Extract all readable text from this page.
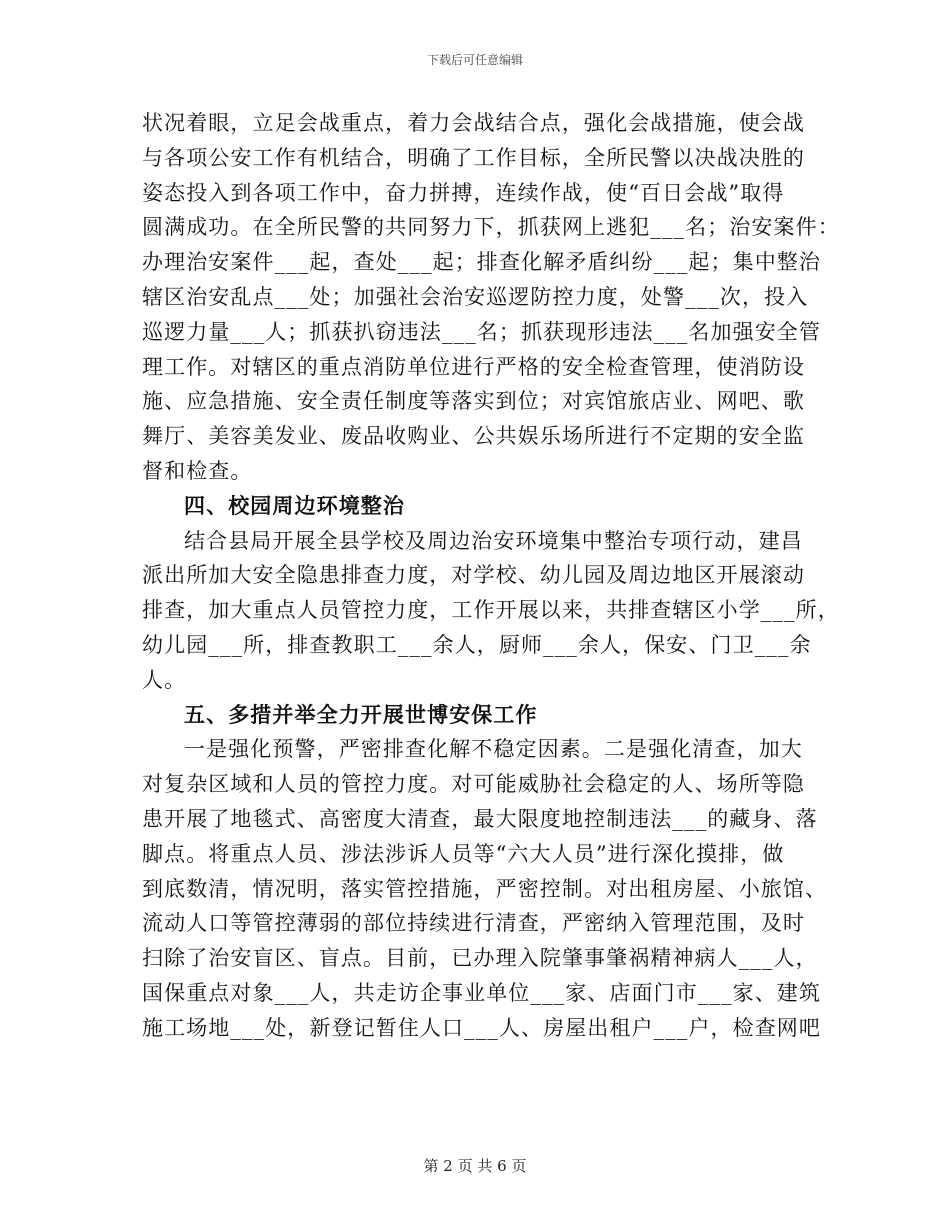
下载后可任意编辑
状况着眼，立足会战重点，着力会战结合点，强化会战措施，使会战
与各项公安工作有机结合，明确了工作目标，全所民警以决战决胜的
姿态投入到各项工作中，奋力拼搏，连续作战，使“百日会战”取得
圆满成功。在全所民警的共同努力下，抓获网上逃犯___名；治安案件：
办理治安案件___起，查处___起；排查化解矛盾纠纷___起；集中整治
辖区治安乱点___处；加强社会治安巡逻防控力度，处警___次，投入
巡逻力量___人；抓获扒窃违法___名；抓获现形违法___名加强安全管
理工作。对辖区的重点消防单位进行严格的安全检查管理，使消防设
施、应急措施、安全责任制度等落实到位；对宾馆旅店业、网吧、歌
舞厅、美容美发业、废品收购业、公共娱乐场所进行不定期的安全监
督和检查。
四、校园周边环境整治
结合县局开展全县学校及周边治安环境集中整治专项行动，建昌
派出所加大安全隐患排查力度，对学校、幼儿园及周边地区开展滚动
排查，加大重点人员管控力度，工作开展以来，共排查辖区小学___所，
幼儿园___所，排查教职工___余人，厨师___余人，保安、门卫___余
人。
五、多措并举全力开展世博安保工作
一是强化预警，严密排查化解不稳定因素。二是强化清查，加大
对复杂区域和人员的管控力度。对可能威胁社会稳定的人、场所等隐
患开展了地毯式、高密度大清查，最大限度地控制违法___的藏身、落
脚点。将重点人员、涉法涉诉人员等“六大人员”进行深化摸排，做
到底数清，情况明，落实管控措施，严密控制。对出租房屋、小旅馆、
流动人口等管控薄弱的部位持续进行清查，严密纳入管理范围，及时
扫除了治安盲区、盲点。目前，已办理入院肇事肇祸精神病人___人，
国保重点对象___人，共走访企事业单位___家、店面门市___家、建筑
施工场地___处，新登记暂住人口___人、房屋出租户___户，检查网吧
第 2 页 共 6 页
